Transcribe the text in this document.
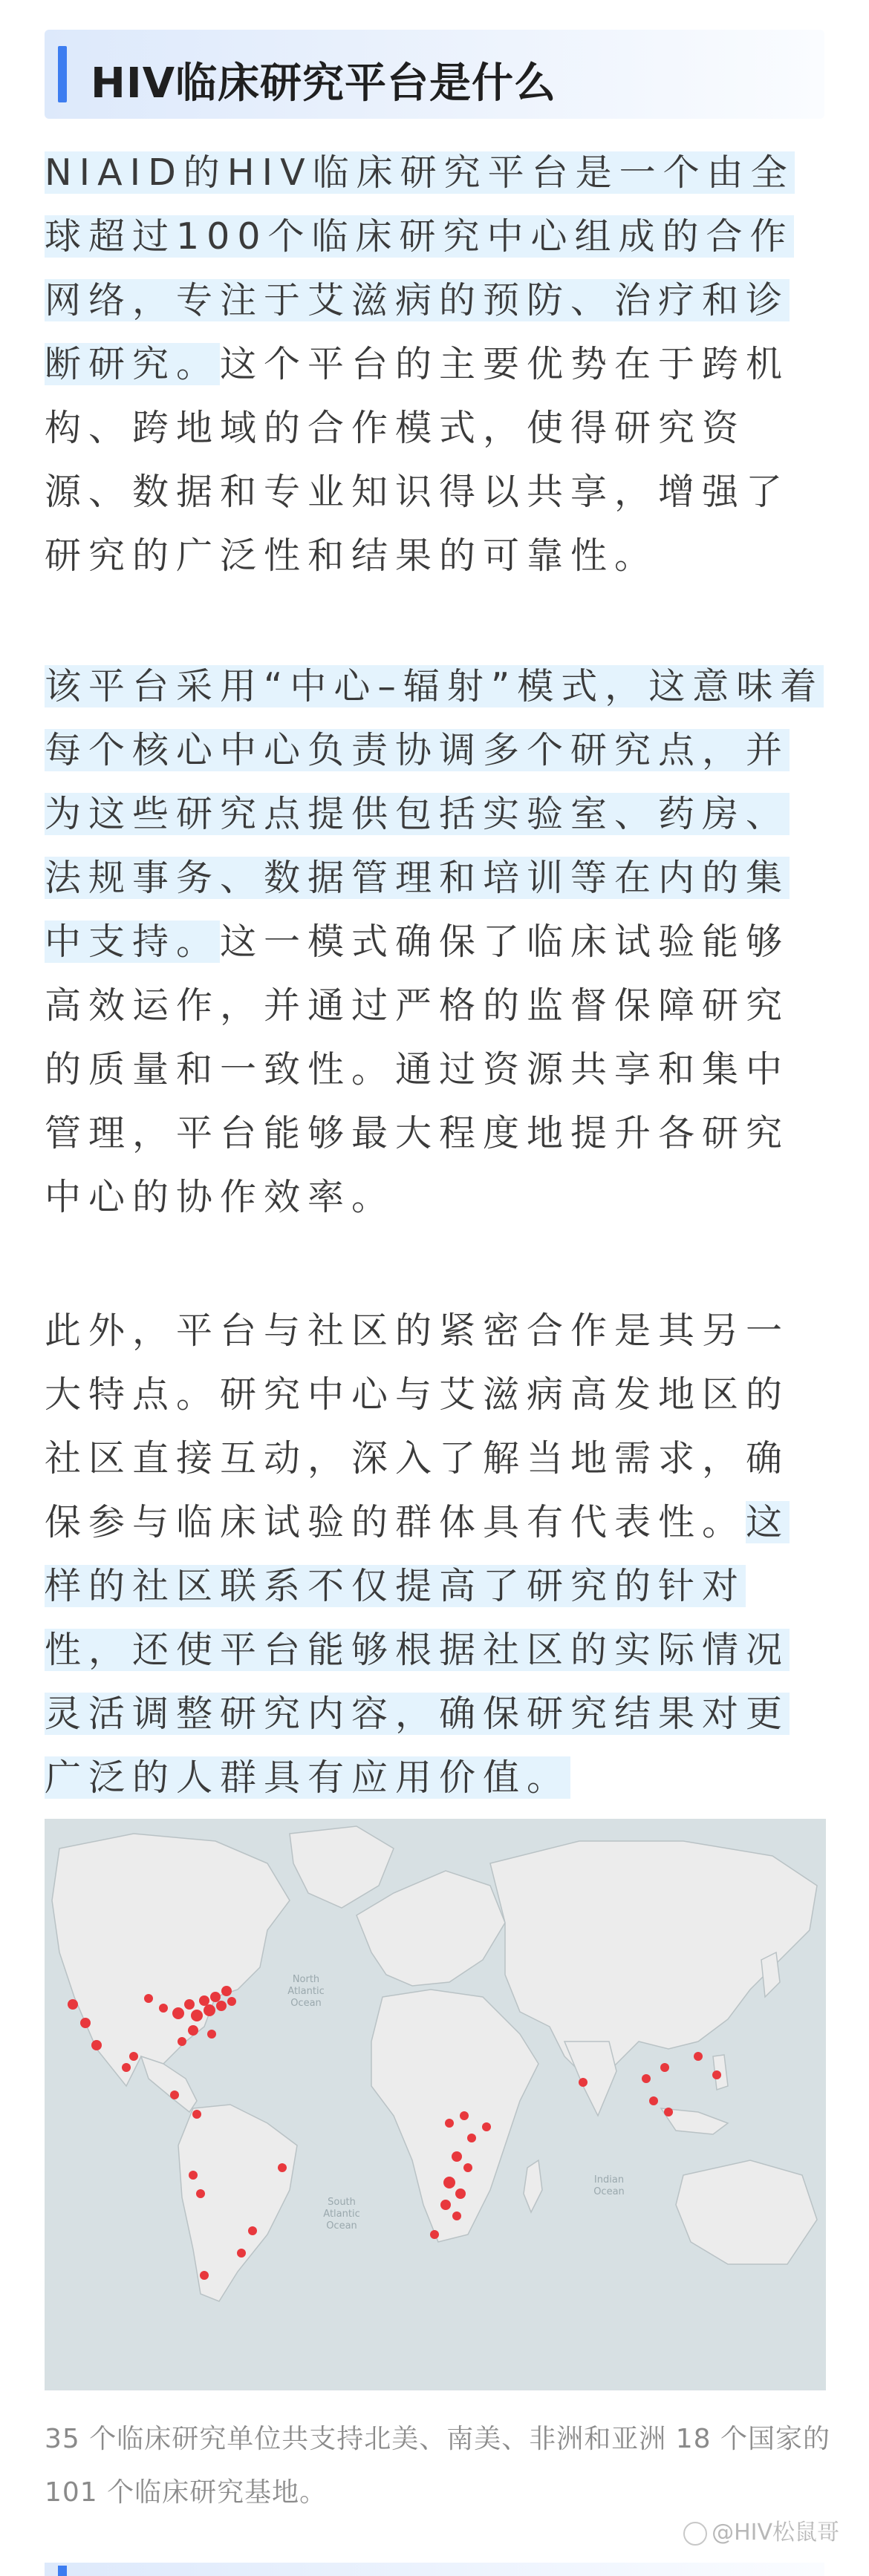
HIV临床研究平台是什么
NIAID的HIV临床研究平台是一个由全球超过100个临床研究中心组成的合作网络，专注于艾滋病的预防、治疗和诊断研究。这个平台的主要优势在于跨机构、跨地域的合作模式，使得研究资源、数据和专业知识得以共享，增强了研究的广泛性和结果的可靠性。
该平台采用“中心–辐射”模式，这意味着每个核心中心负责协调多个研究点，并为这些研究点提供包括实验室、药房、法规事务、数据管理和培训等在内的集中支持。这一模式确保了临床试验能够高效运作，并通过严格的监督保障研究的质量和一致性。通过资源共享和集中管理，平台能够最大程度地提升各研究中心的协作效率。
此外，平台与社区的紧密合作是其另一大特点。研究中心与艾滋病高发地区的社区直接互动，深入了解当地需求，确保参与临床试验的群体具有代表性。这样的社区联系不仅提高了研究的针对性，还使平台能够根据社区的实际情况灵活调整研究内容，确保研究结果对更广泛的人群具有应用价值。
North
Atlantic
Ocean
South
Atlantic
Ocean
Indian
Ocean
35 个临床研究单位共支持北美、南美、非洲和亚洲 18 个国家的 101 个临床研究基地。
@HIV松鼠哥
